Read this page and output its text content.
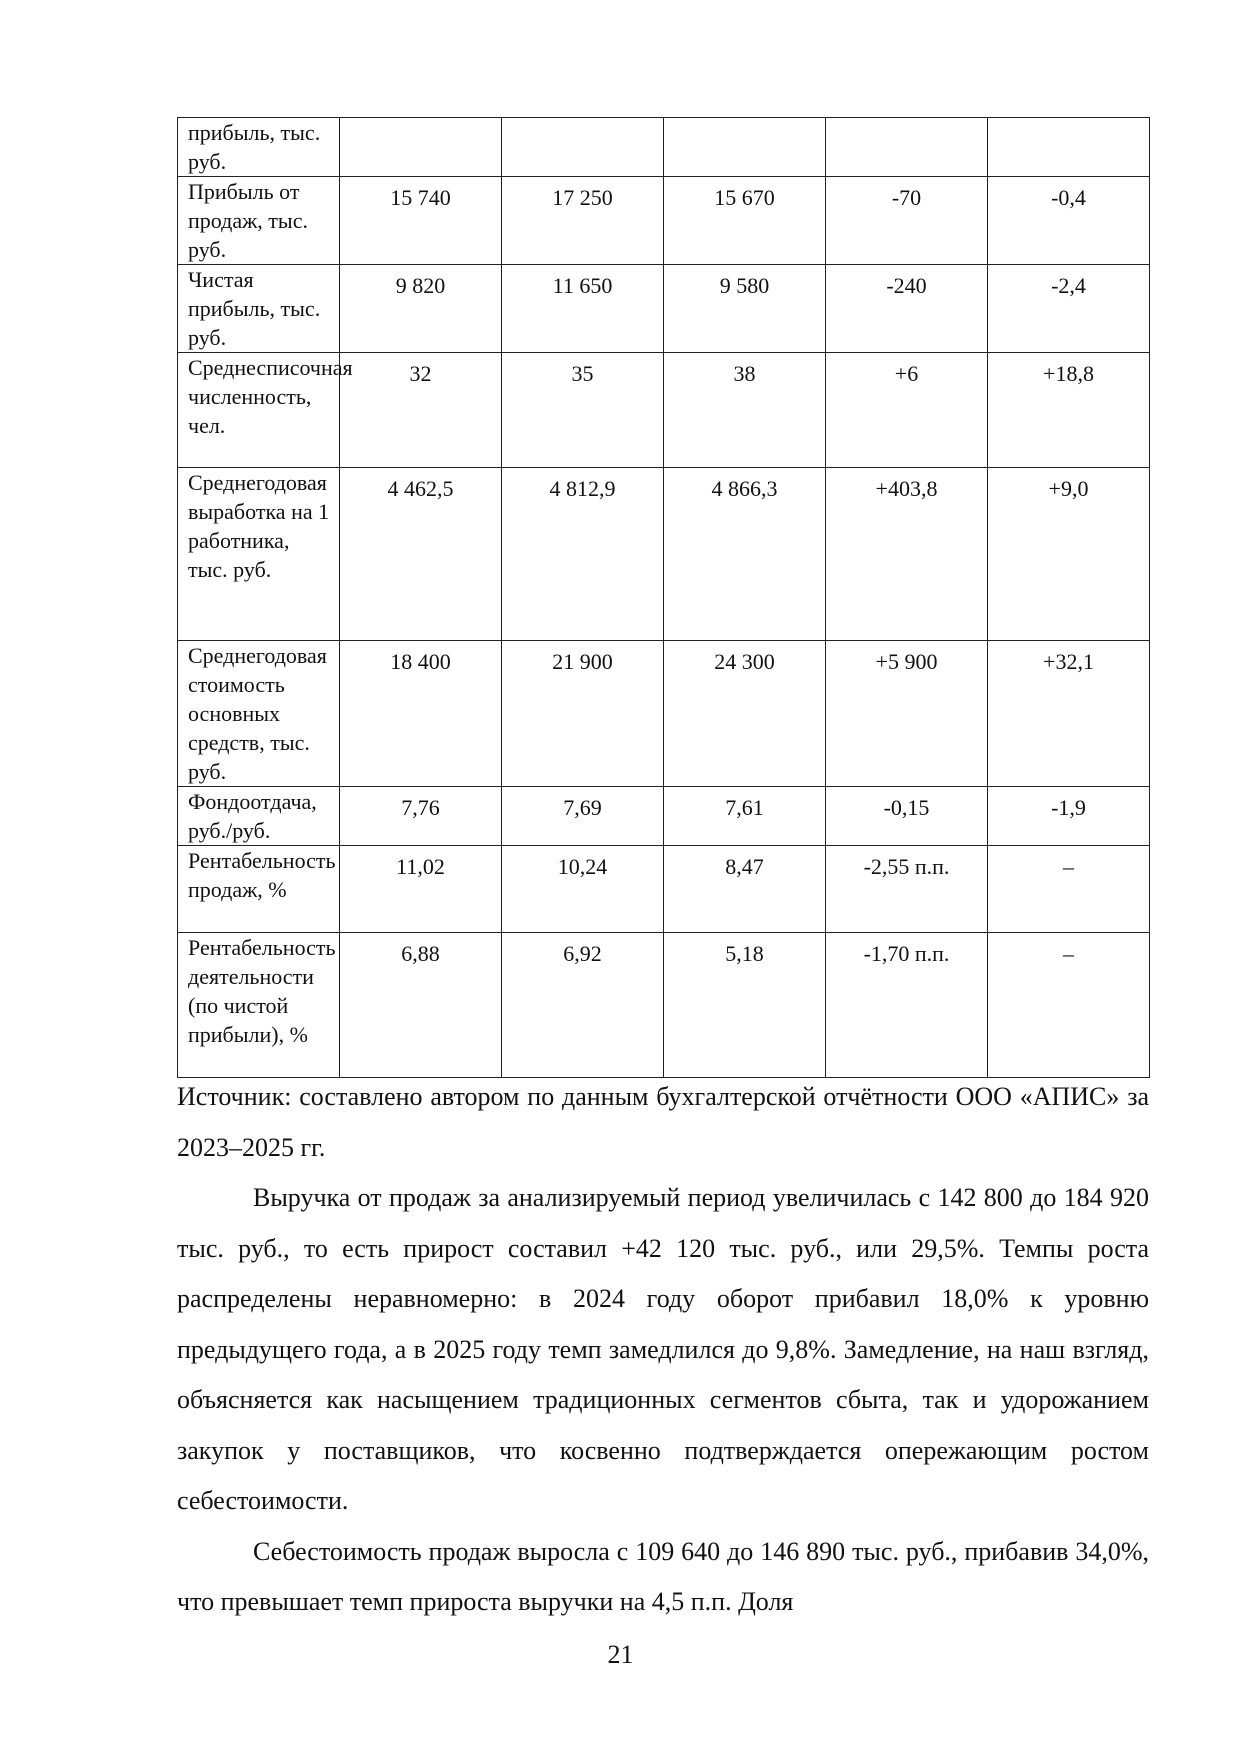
прибыль, тыс. руб.					
Прибыль от продаж, тыс. руб.	15 740	17 250	15 670	-70	-0,4
Чистая прибыль, тыс. руб.	9 820	11 650	9 580	-240	-2,4
Среднесписочная численность, чел.	32	35	38	+6	+18,8
Среднегодовая выработка на 1 работника, тыс. руб.	4 462,5	4 812,9	4 866,3	+403,8	+9,0
Среднегодовая стоимость основных средств, тыс. руб.	18 400	21 900	24 300	+5 900	+32,1
Фондоотдача, руб./руб.	7,76	7,69	7,61	-0,15	-1,9
Рентабельность продаж, %	11,02	10,24	8,47	-2,55 п.п.	–
Рентабельность деятельности (по чистой прибыли), %	6,88	6,92	5,18	-1,70 п.п.	–

Источник: составлено автором по данным бухгалтерской отчётности ООО «АПИС» за 2023–2025 гг.

Выручка от продаж за анализируемый период увеличилась с 142 800 до 184 920 тыс. руб., то есть прирост составил +42 120 тыс. руб., или 29,5%. Темпы роста распределены неравномерно: в 2024 году оборот прибавил 18,0% к уровню предыдущего года, а в 2025 году темп замедлился до 9,8%. Замедление, на наш взгляд, объясняется как насыщением традиционных сегментов сбыта, так и удорожанием закупок у поставщиков, что косвенно подтверждается опережающим ростом себестоимости.

Себестоимость продаж выросла с 109 640 до 146 890 тыс. руб., прибавив 34,0%, что превышает темп прироста выручки на 4,5 п.п. Доля

21
